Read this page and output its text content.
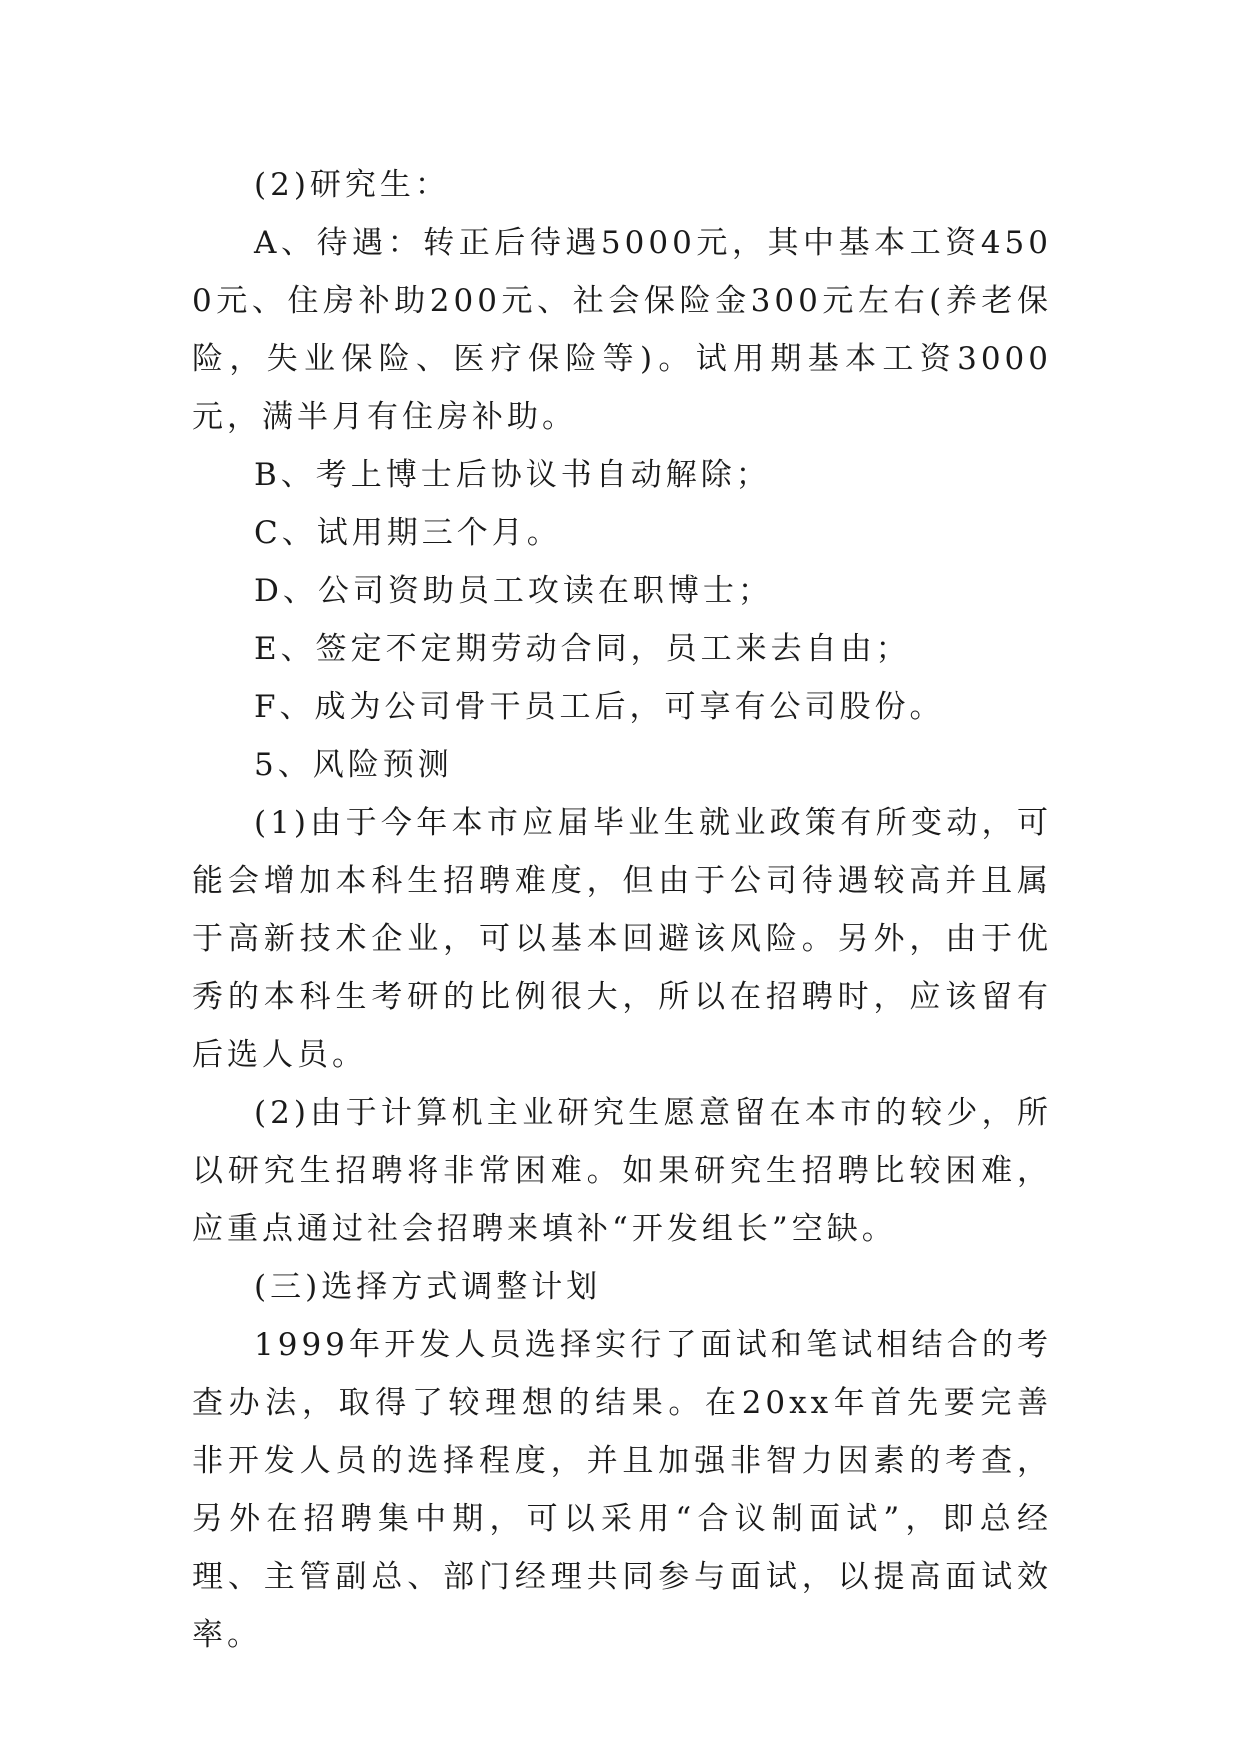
(2)研究生：

A、待遇：转正后待遇5000元，其中基本工资4500元、住房补助200元、社会保险金300元左右(养老保险，失业保险、医疗保险等)。试用期基本工资3000元，满半月有住房补助。

B、考上博士后协议书自动解除；

C、试用期三个月。

D、公司资助员工攻读在职博士；

E、签定不定期劳动合同，员工来去自由；

F、成为公司骨干员工后，可享有公司股份。

5、风险预测

(1)由于今年本市应届毕业生就业政策有所变动，可能会增加本科生招聘难度，但由于公司待遇较高并且属于高新技术企业，可以基本回避该风险。另外，由于优秀的本科生考研的比例很大，所以在招聘时，应该留有后选人员。

(2)由于计算机主业研究生愿意留在本市的较少，所以研究生招聘将非常困难。如果研究生招聘比较困难，应重点通过社会招聘来填补“开发组长”空缺。

(三)选择方式调整计划

1999年开发人员选择实行了面试和笔试相结合的考查办法，取得了较理想的结果。在20xx年首先要完善非开发人员的选择程度，并且加强非智力因素的考查，另外在招聘集中期，可以采用“合议制面试”，即总经理、主管副总、部门经理共同参与面试，以提高面试效率。
